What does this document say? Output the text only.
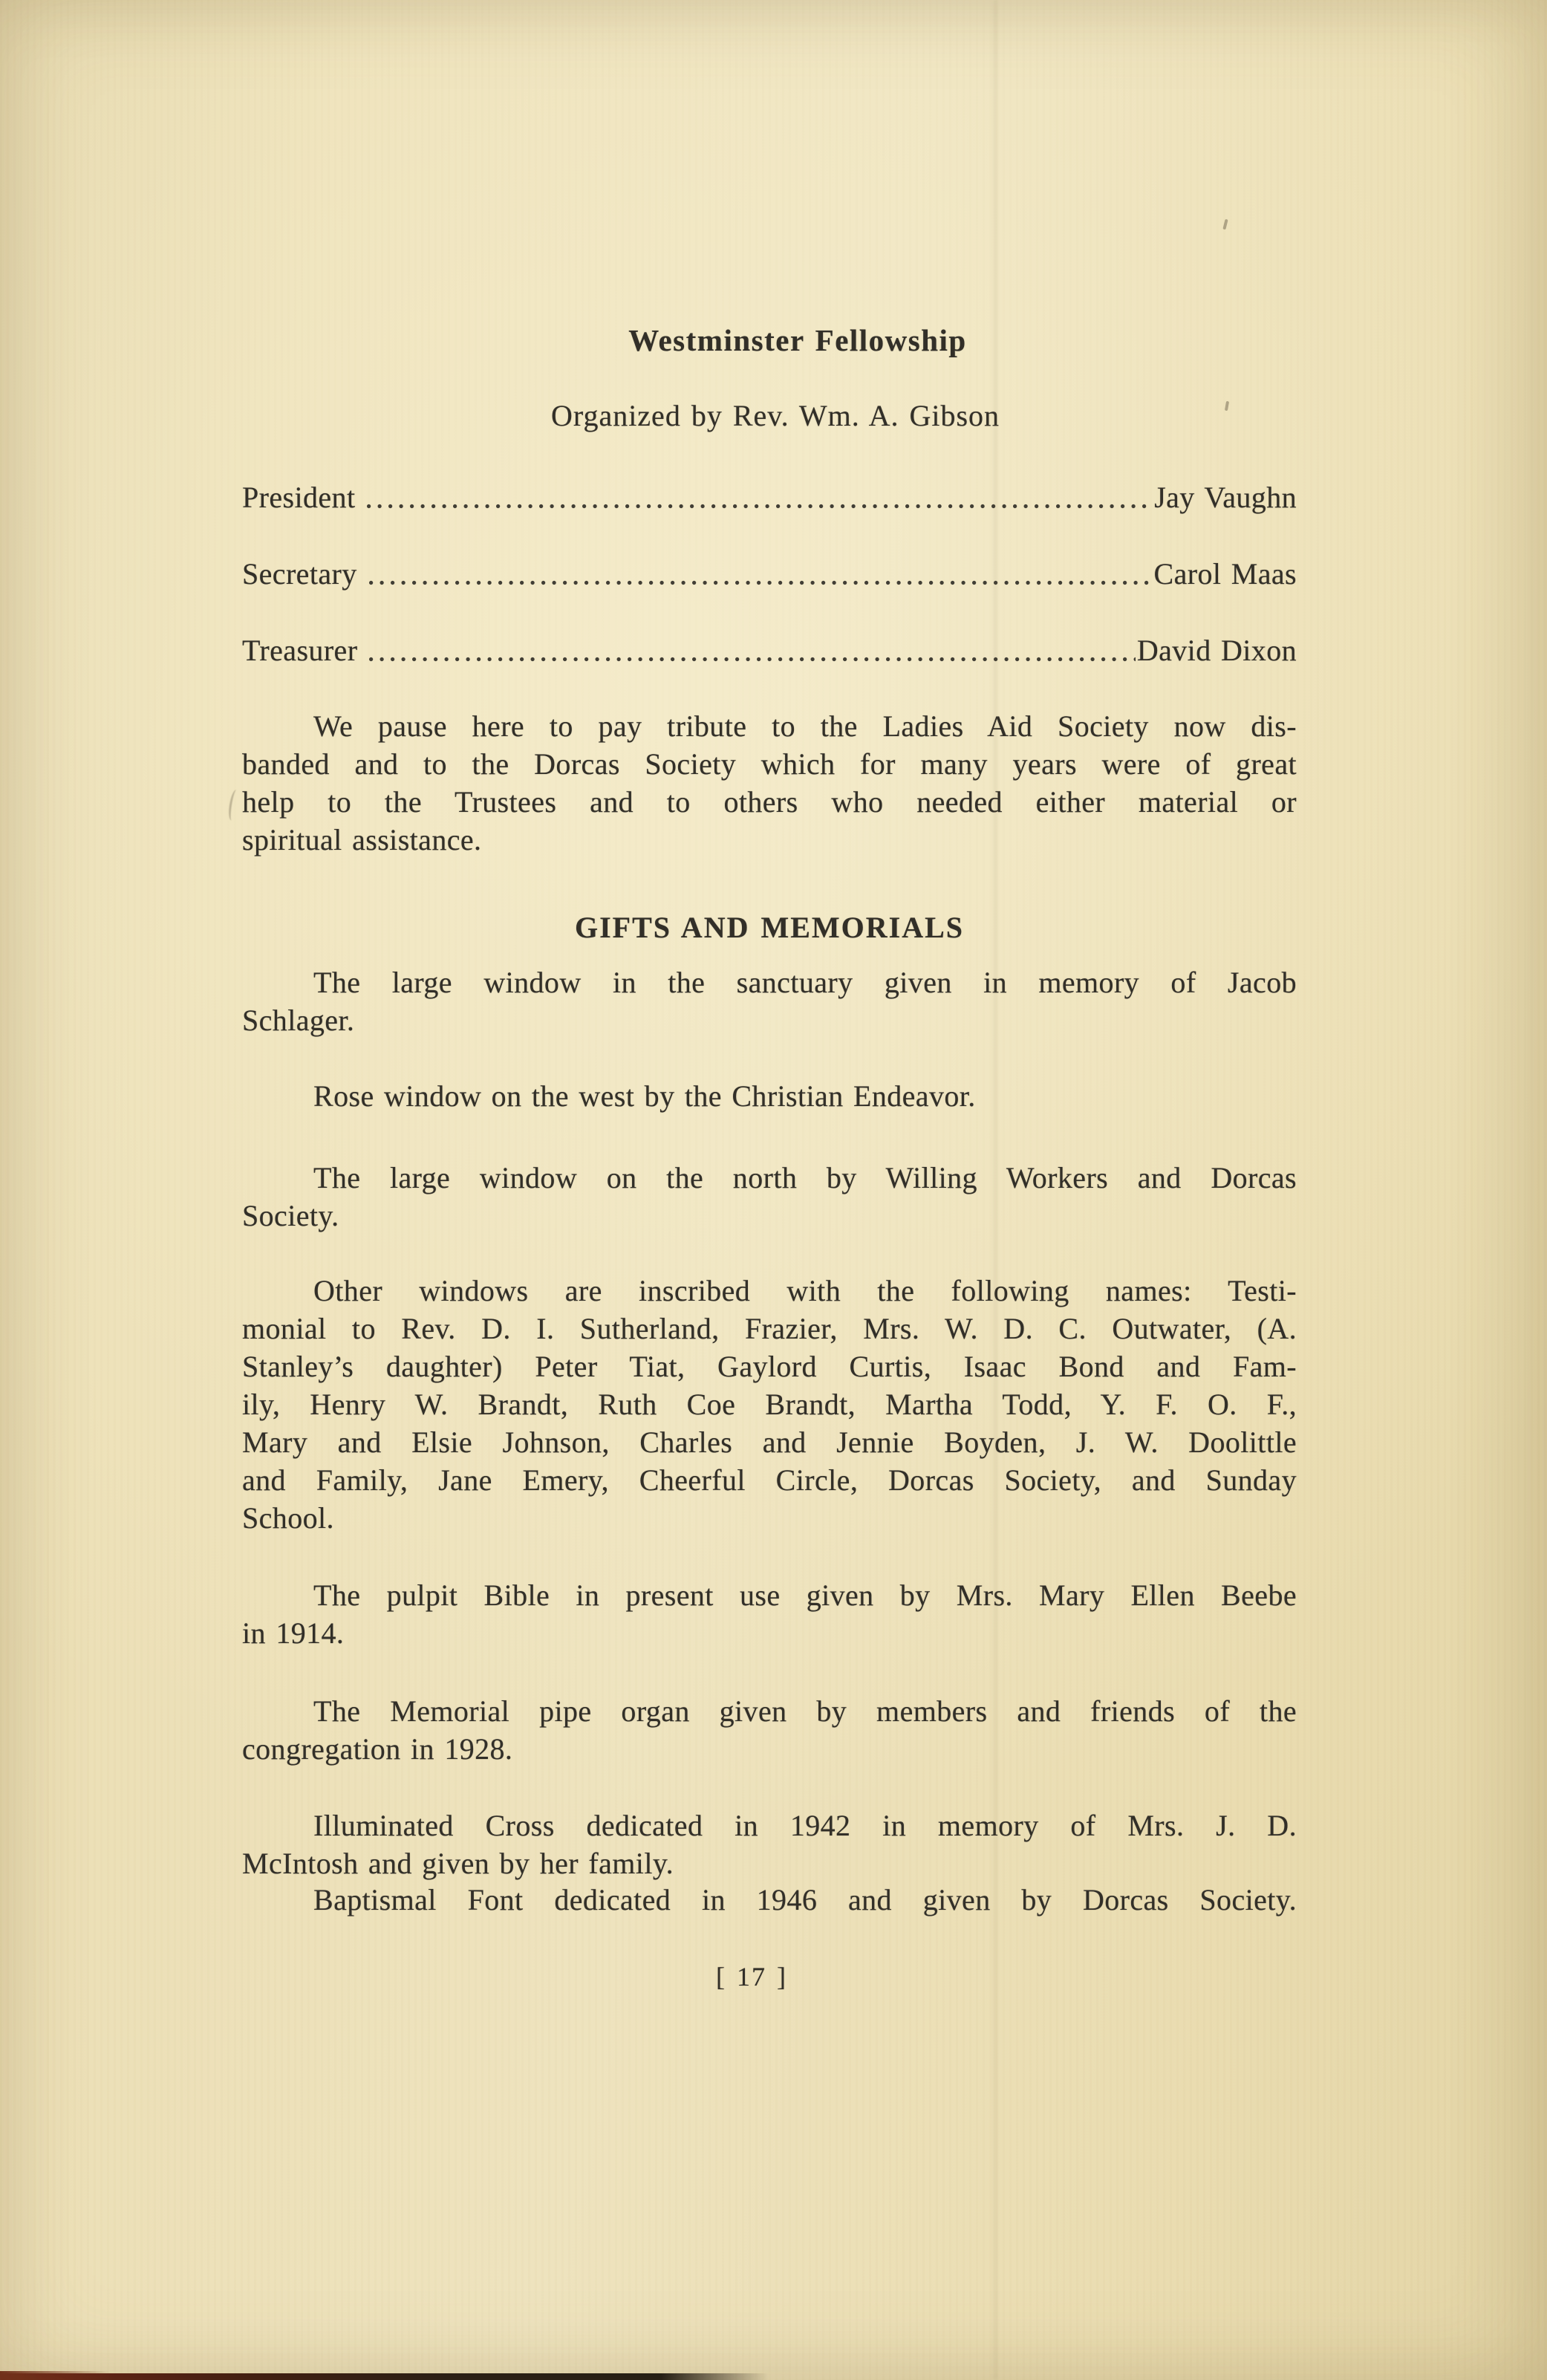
Westminster Fellowship
Organized by Rev. Wm. A. Gibson
President	Jay Vaughn
Secretary	Carol Maas
Treasurer	David Dixon
We pause here to pay tribute to the Ladies Aid Society now dis-
banded and to the Dorcas Society which for many years were of great
help to the Trustees and to others who needed either material or
spiritual assistance.
GIFTS AND MEMORIALS
The large window in the sanctuary given in memory of Jacob
Schlager.
Rose window on the west by the Christian Endeavor.
The large window on the north by Willing Workers and Dorcas
Society.
Other windows are inscribed with the following names: Testi-
monial to Rev. D. I. Sutherland, Frazier, Mrs. W. D. C. Outwater, (A.
Stanley’s daughter) Peter Tiat, Gaylord Curtis, Isaac Bond and Fam-
ily, Henry W. Brandt, Ruth Coe Brandt, Martha Todd, Y. F. O. F.,
Mary and Elsie Johnson, Charles and Jennie Boyden, J. W. Doolittle
and Family, Jane Emery, Cheerful Circle, Dorcas Society, and Sunday
School.
The pulpit Bible in present use given by Mrs. Mary Ellen Beebe
in 1914.
The Memorial pipe organ given by members and friends of the
congregation in 1928.
Illuminated Cross dedicated in 1942 in memory of Mrs. J. D.
McIntosh and given by her family.
Baptismal Font dedicated in 1946 and given by Dorcas Society.
[ 17 ]
